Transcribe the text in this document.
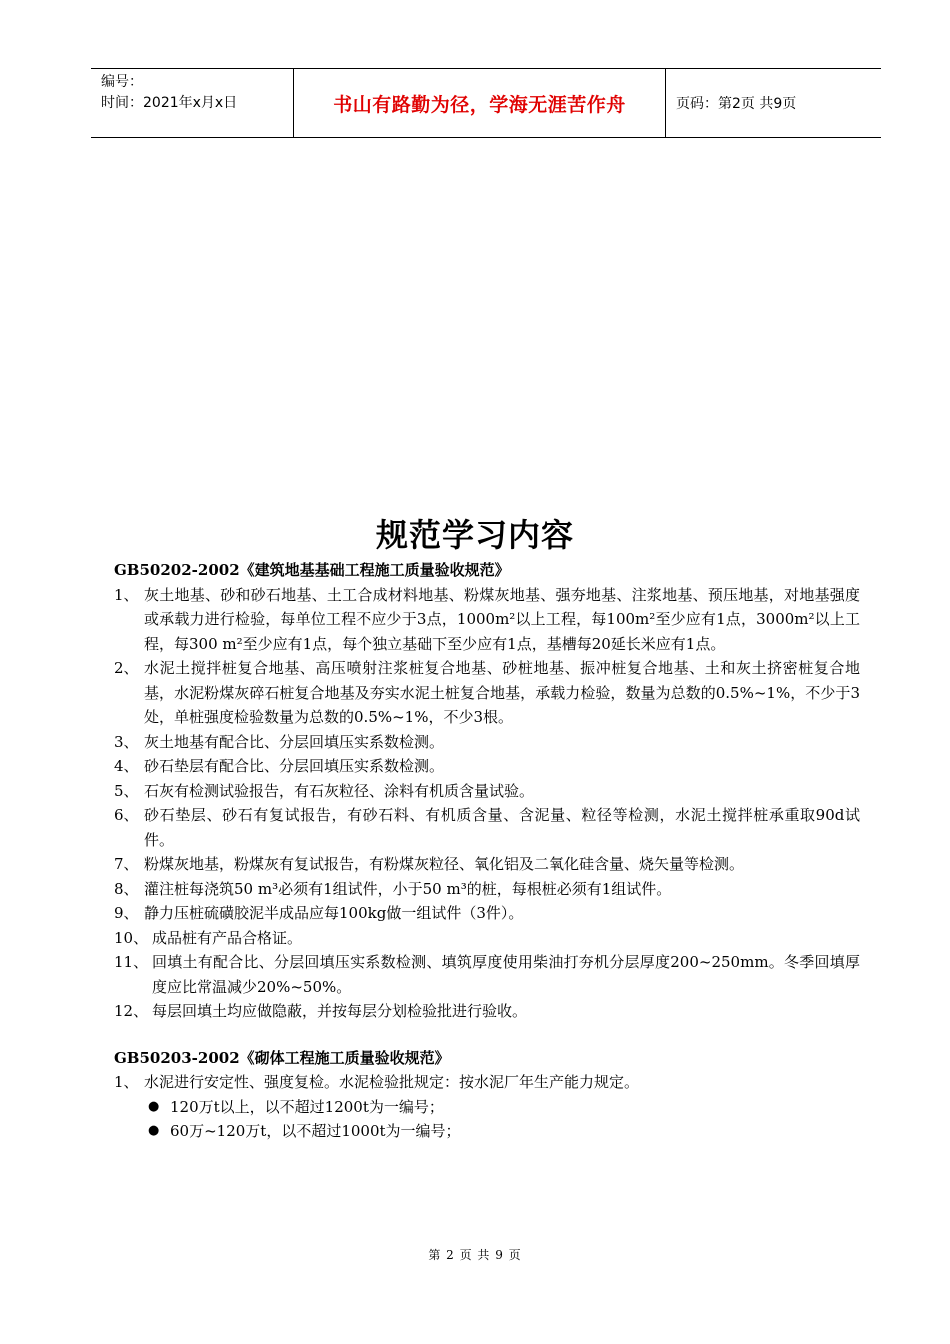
编号：
时间：2021年x月x日	书山有路勤为径，学海无涯苦作舟	页码：第2页 共9页
规范学习内容
GB50202-2002《建筑地基基础工程施工质量验收规范》
1、 灰土地基、砂和砂石地基、土工合成材料地基、粉煤灰地基、强夯地基、注浆地基、预压地基，对地基强度或承载力进行检验，每单位工程不应少于3点，1000m²以上工程，每100m²至少应有1点，3000m²以上工程，每300 m²至少应有1点，每个独立基础下至少应有1点，基槽每20延长米应有1点。
2、 水泥土搅拌桩复合地基、高压喷射注浆桩复合地基、砂桩地基、振冲桩复合地基、土和灰土挤密桩复合地基，水泥粉煤灰碎石桩复合地基及夯实水泥土桩复合地基，承载力检验，数量为总数的0.5%~1%，不少于3处，单桩强度检验数量为总数的0.5%~1%，不少3根。
3、 灰土地基有配合比、分层回填压实系数检测。
4、 砂石垫层有配合比、分层回填压实系数检测。
5、 石灰有检测试验报告，有石灰粒径、涂料有机质含量试验。
6、 砂石垫层、砂石有复试报告，有砂石料、有机质含量、含泥量、粒径等检测，水泥土搅拌桩承重取90d试件。
7、 粉煤灰地基，粉煤灰有复试报告，有粉煤灰粒径、氧化铝及二氧化硅含量、烧矢量等检测。
8、 灌注桩每浇筑50 m³必须有1组试件，小于50 m³的桩，每根桩必须有1组试件。
9、 静力压桩硫磺胶泥半成品应每100kg做一组试件（3件）。
10、 成品桩有产品合格证。
11、 回填土有配合比、分层回填压实系数检测、填筑厚度使用柴油打夯机分层厚度200~250mm。冬季回填厚度应比常温减少20%~50%。
12、 每层回填土均应做隐蔽，并按每层分划检验批进行验收。
GB50203-2002《砌体工程施工质量验收规范》
1、 水泥进行安定性、强度复检。水泥检验批规定：按水泥厂年生产能力规定。
● 120万t以上，以不超过1200t为一编号；
● 60万~120万t，以不超过1000t为一编号；
第 2 页 共 9 页
